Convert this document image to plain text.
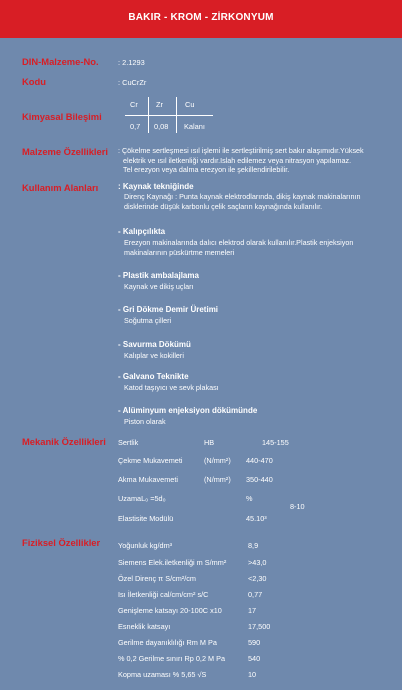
BAKIR - KROM - ZİRKONYUM
DIN-Malzeme-No.	: 2.1293
Kodu	: CuCrZr
Kimyasal Bileşimi
Cr Zr	Cu
0,7 0,08 Kalanı
Malzeme Özellikleri : Çökelme sertleşmesi ısıl işlemi ile sertleştirilmiş sert bakır alaşımıdır.Yüksek
elektrik ve ısıl iletkenliği vardır.Islah edilemez veya nitrasyon yapılamaz.
Tel erezyon veya dalma erezyon ile şekillendirilebilir.
Kullanım Alanları : Kaynak tekniğinde
Direnç Kaynağı : Punta kaynak elektrodlarında, dikiş kaynak makinalarının
disklerinde düşük karbonlu çelik saçların kaynağında kullanılır.
- Kalıpçılıkta
Erezyon makinalarında dalıcı elektrod olarak kullanılır.Plastik enjeksiyon
makinalarının püskürtme memeleri
- Plastik ambalajlama
Kaynak ve dikiş uçları
- Gri Dökme Demir Üretimi
Soğutma çilleri
- Savurma Dökümü
Kalıplar ve kokilleri
- Galvano Teknikte
Katod taşıyıcı ve sevk plakası
- Alüminyum enjeksiyon dökümünde
Piston olarak
Mekanik Özellikleri Sertlik	HB	145-155
Çekme Mukavemeti	(N/mm²) 440-470
Akma Mukavemeti	(N/mm²) 350-440
UzamaL₀ =5d₀	%
8-10
Elastisite Modülü	45.10³
Fiziksel Özellikler Yoğunluk kg/dm³	8,9
Siemens Elek.iletkenliği m S/mm²	>43,0
Özel Direnç π S/cm²/cm	<2,30
Isı İletkenliği cal/cm/cm² s/C	0,77
Genişleme katsayı 20-100C x10	17
Esneklik katsayı	17,500
Gerilme dayanıklılığı Rm M Pa	590
% 0,2 Gerilme sınırı Rp 0,2 M Pa	540
Kopma uzaması % 5,65 √S	10
